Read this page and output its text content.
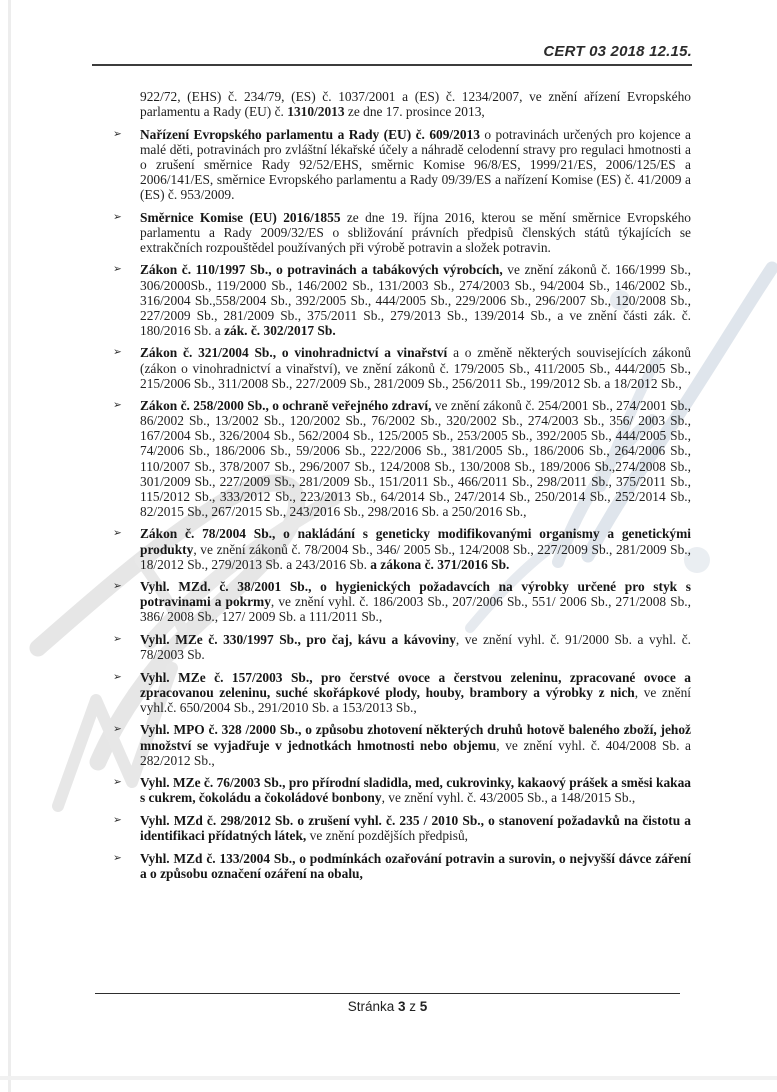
CERT 03 2018 12.15.
922/72, (EHS) č. 234/79, (ES) č. 1037/2001 a (ES) č. 1234/2007, ve znění ařízení Evropského parlamentu a Rady (EU) č. 1310/2013 ze dne 17. prosince 2013,
➢	Nařízení Evropského parlamentu a Rady (EU) č. 609/2013 o potravinách určených pro kojence a malé děti, potravinách pro zvláštní lékařské účely a náhradě celodenní stravy pro regulaci hmotnosti a o zrušení směrnice Rady 92/52/EHS, směrnic Komise 96/8/ES, 1999/21/ES, 2006/125/ES a 2006/141/ES, směrnice Evropského parlamentu a Rady 09/39/ES a nařízení Komise (ES) č. 41/2009 a (ES) č. 953/2009.
➢	Směrnice Komise (EU) 2016/1855 ze dne 19. října 2016, kterou se mění směrnice Evropského parlamentu a Rady 2009/32/ES o sbližování právních předpisů členských států týkajících se extrakčních rozpouštědel používaných při výrobě potravin a složek potravin.
➢	Zákon č. 110/1997 Sb., o potravinách a tabákových výrobcích, ve znění zákonů č. 166/1999 Sb., 306/2000Sb., 119/2000 Sb., 146/2002 Sb., 131/2003 Sb., 274/2003 Sb., 94/2004 Sb., 146/2002 Sb., 316/2004 Sb.,558/2004 Sb., 392/2005 Sb., 444/2005 Sb., 229/2006 Sb., 296/2007 Sb., 120/2008 Sb., 227/2009 Sb., 281/2009 Sb., 375/2011 Sb., 279/2013 Sb., 139/2014 Sb., a ve znění části zák. č. 180/2016 Sb. a zák. č. 302/2017 Sb.
➢	Zákon č. 321/2004 Sb., o vinohradnictví a vinařství a o změně některých souvisejících zákonů (zákon o vinohradnictví a vinařství), ve znění zákonů č. 179/2005 Sb., 411/2005 Sb., 444/2005 Sb., 215/2006 Sb., 311/2008 Sb., 227/2009 Sb., 281/2009 Sb., 256/2011 Sb., 199/2012 Sb. a 18/2012 Sb.,
➢	Zákon č. 258/2000 Sb., o ochraně veřejného zdraví, ve znění zákonů č. 254/2001 Sb., 274/2001 Sb., 86/2002 Sb., 13/2002 Sb., 120/2002 Sb., 76/2002 Sb., 320/2002 Sb., 274/2003 Sb., 356/ 2003 Sb., 167/2004 Sb., 326/2004 Sb., 562/2004 Sb., 125/2005 Sb., 253/2005 Sb., 392/2005 Sb., 444/2005 Sb., 74/2006 Sb., 186/2006 Sb., 59/2006 Sb., 222/2006 Sb., 381/2005 Sb., 186/2006 Sb., 264/2006 Sb., 110/2007 Sb., 378/2007 Sb., 296/2007 Sb., 124/2008 Sb., 130/2008 Sb., 189/2006 Sb.,274/2008 Sb., 301/2009 Sb., 227/2009 Sb., 281/2009 Sb., 151/2011 Sb., 466/2011 Sb., 298/2011 Sb., 375/2011 Sb., 115/2012 Sb., 333/2012 Sb., 223/2013 Sb., 64/2014 Sb., 247/2014 Sb., 250/2014 Sb., 252/2014 Sb., 82/2015 Sb., 267/2015 Sb., 243/2016 Sb., 298/2016 Sb. a 250/2016 Sb.,
➢	Zákon č. 78/2004 Sb., o nakládání s geneticky modifikovanými organismy a genetickými produkty, ve znění zákonů č. 78/2004 Sb., 346/ 2005 Sb., 124/2008 Sb., 227/2009 Sb., 281/2009 Sb., 18/2012 Sb., 279/2013 Sb. a 243/2016 Sb. a zákona č. 371/2016 Sb.
➢	Vyhl. MZd. č. 38/2001 Sb., o hygienických požadavcích na výrobky určené pro styk s potravinami a pokrmy, ve znění vyhl. č. 186/2003 Sb., 207/2006 Sb., 551/ 2006 Sb., 271/2008 Sb., 386/ 2008 Sb., 127/ 2009 Sb. a 111/2011 Sb.,
➢	Vyhl. MZe č. 330/1997 Sb., pro čaj, kávu a kávoviny, ve znění vyhl. č. 91/2000 Sb. a vyhl. č. 78/2003 Sb.
➢	Vyhl. MZe č. 157/2003 Sb., pro čerstvé ovoce a čerstvou zeleninu, zpracované ovoce a zpracovanou zeleninu, suché skořápkové plody, houby, brambory a výrobky z nich, ve znění vyhl.č. 650/2004 Sb., 291/2010 Sb. a 153/2013 Sb.,
➢	Vyhl. MPO č. 328 /2000 Sb., o způsobu zhotovení některých druhů hotově baleného zboží, jehož množství se vyjadřuje v jednotkách hmotnosti nebo objemu, ve znění vyhl. č. 404/2008 Sb. a 282/2012 Sb.,
➢	Vyhl. MZe č. 76/2003 Sb., pro přírodní sladidla, med, cukrovinky, kakaový prášek a směsi kakaa s cukrem, čokoládu a čokoládové bonbony, ve znění vyhl. č. 43/2005 Sb., a 148/2015 Sb.,
➢	Vyhl. MZd č. 298/2012 Sb. o zrušení vyhl. č. 235 / 2010 Sb., o stanovení požadavků na čistotu a identifikaci přídatných látek, ve znění pozdějších předpisů,
➢	Vyhl. MZd č. 133/2004 Sb., o podmínkách ozařování potravin a surovin, o nejvyšší dávce záření a o způsobu označení ozáření na obalu,
Stránka 3 z 5
